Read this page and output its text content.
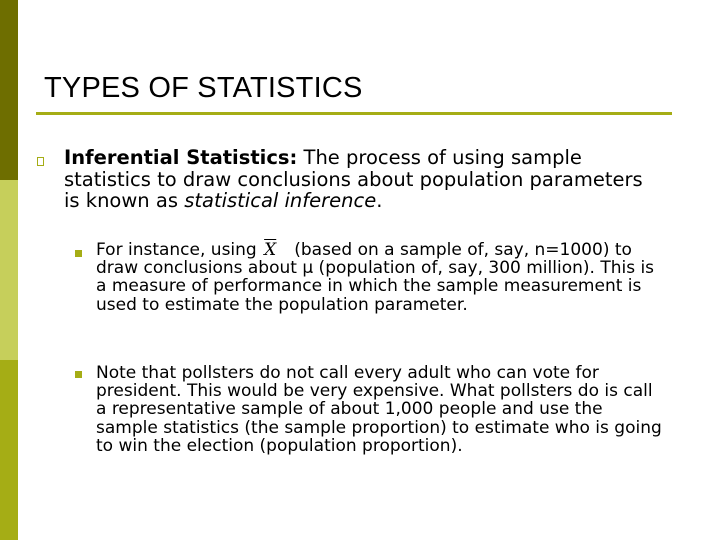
TYPES OF STATISTICS
Inferential Statistics: The process of using sample statistics to draw conclusions about population parameters is known as statistical inference.
For instance, using $\overline{X}$ (based on a sample of, say, n=1000) to draw conclusions about μ (population of, say, 300 million). This is a measure of performance in which the sample measurement is used to estimate the population parameter.
Note that pollsters do not call every adult who can vote for president. This would be very expensive. What pollsters do is call a representative sample of about 1,000 people and use the sample statistics (the sample proportion) to estimate who is going to win the election (population proportion).
